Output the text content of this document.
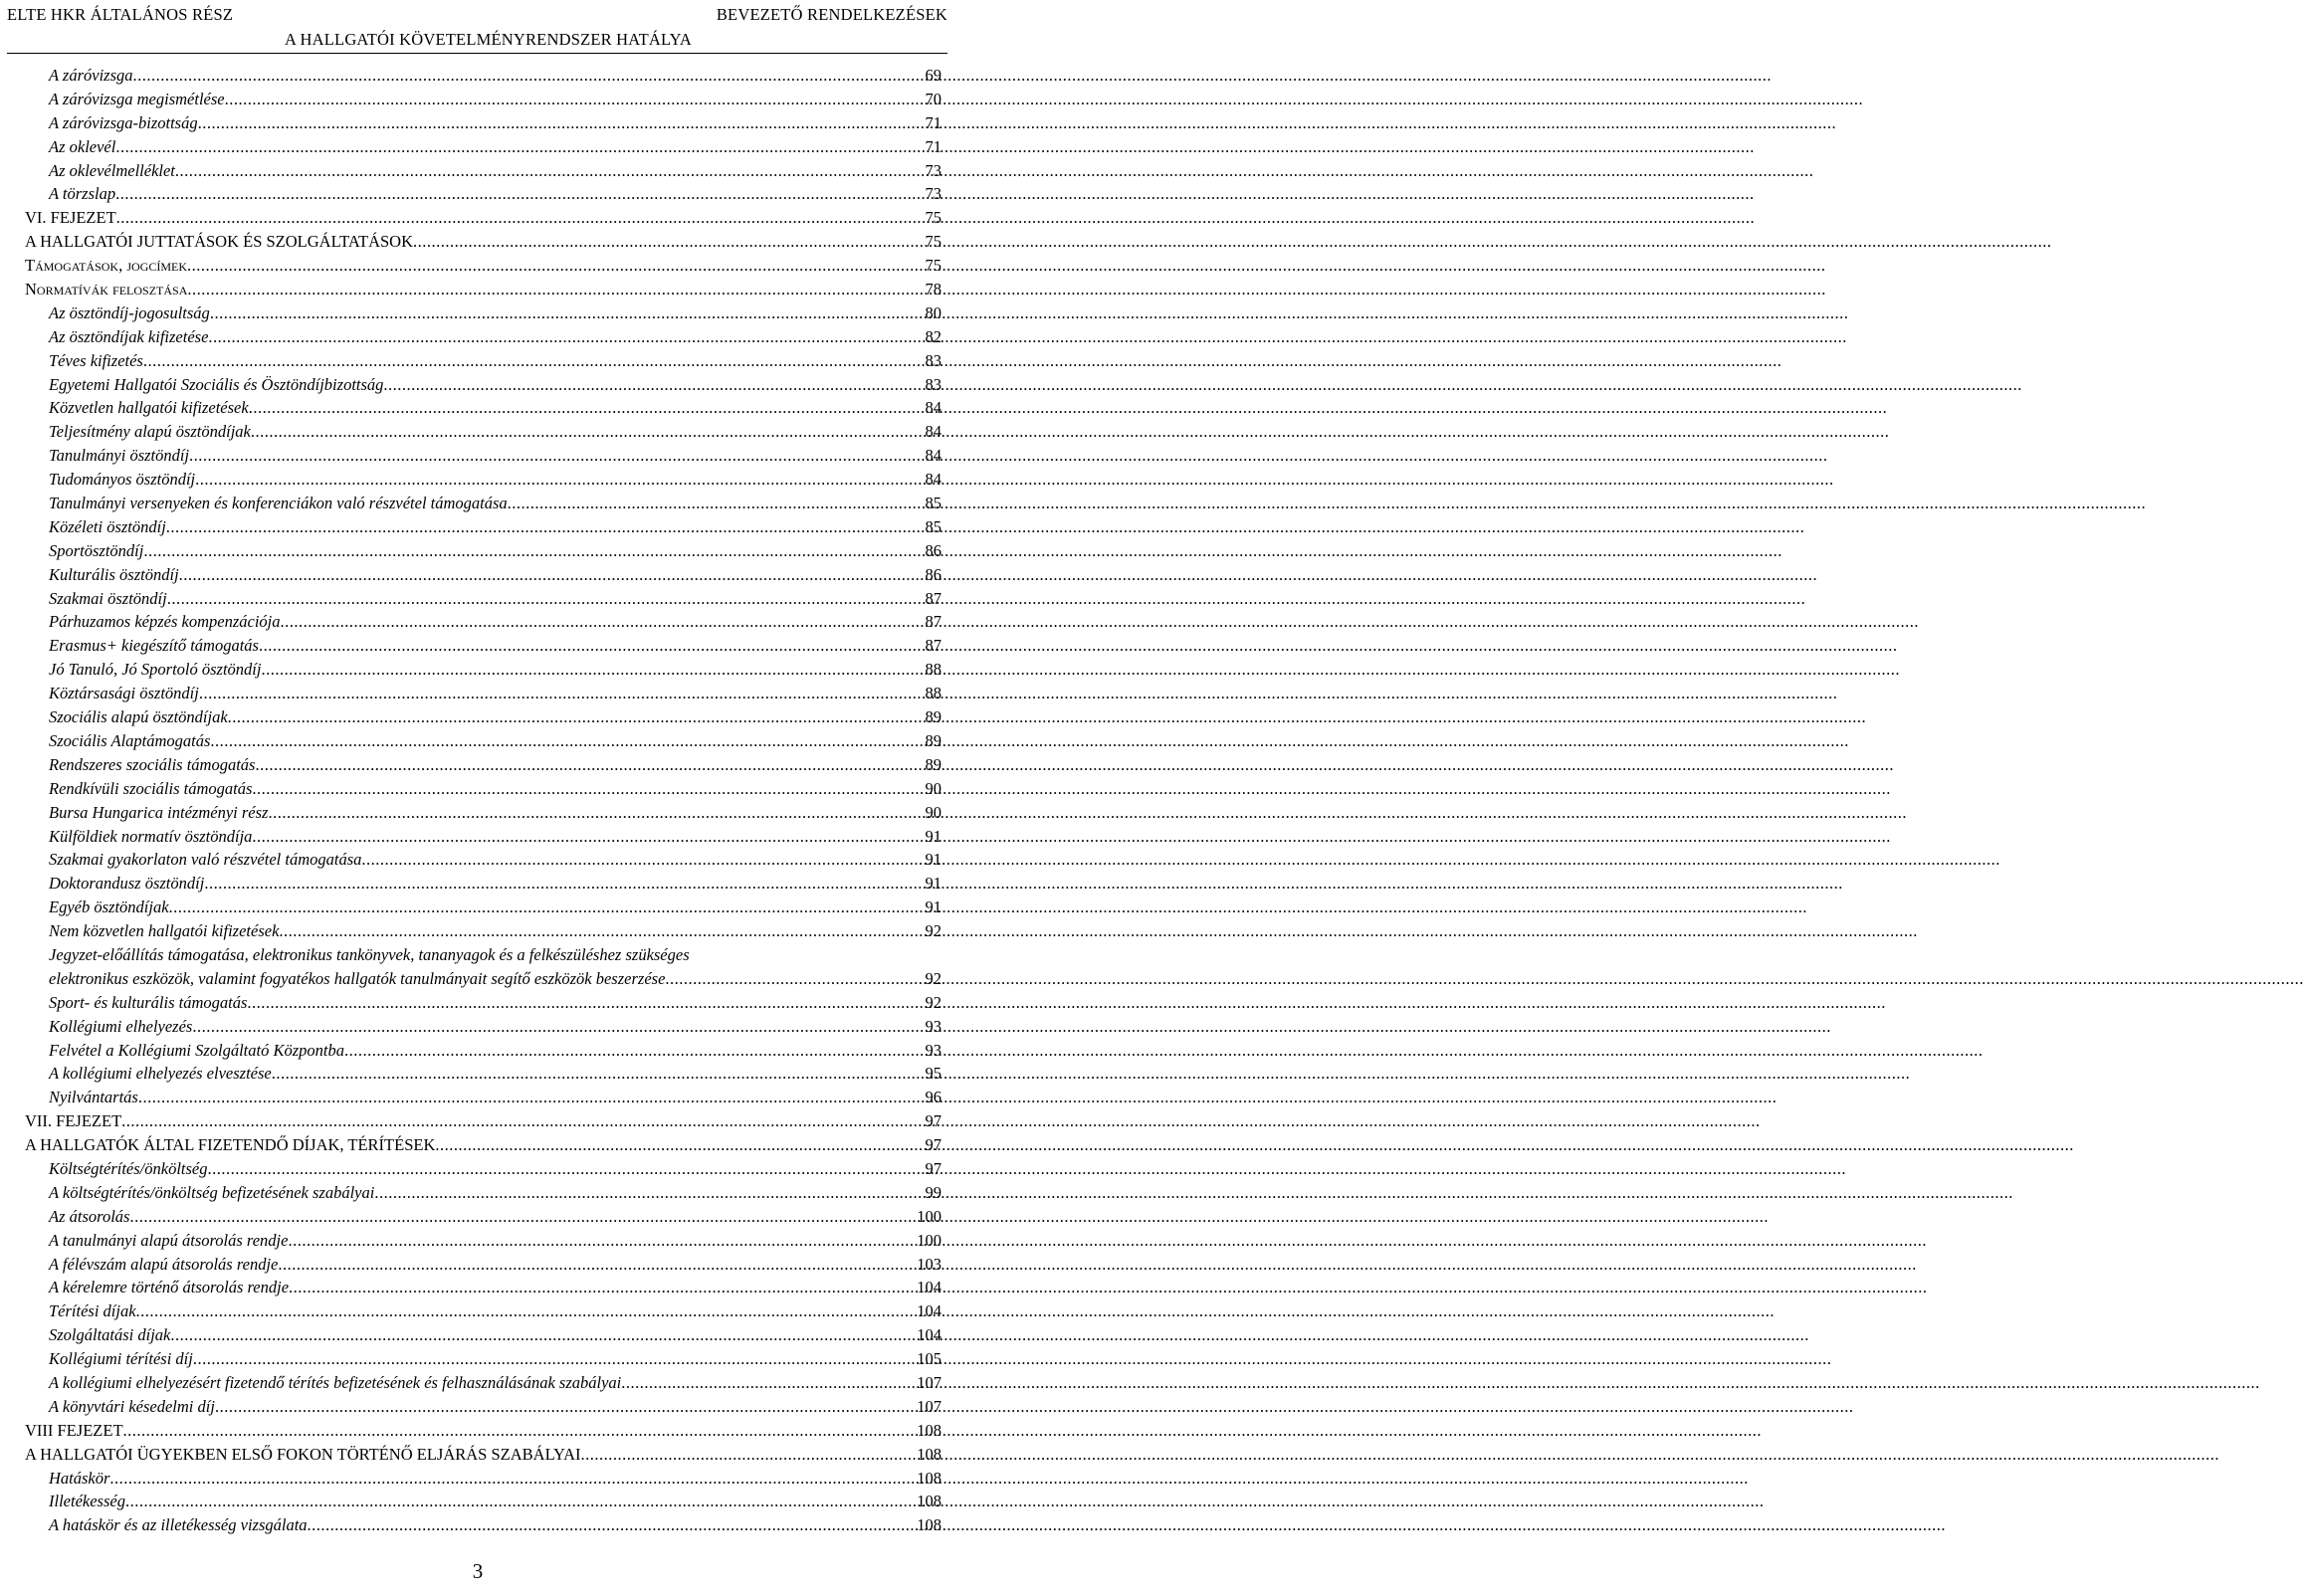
ELTE HKR ÁLTALÁNOS RÉSZ	BEVEZETŐ RENDELKEZÉSEK
A HALLGATÓI KÖVETELMÉNYRENDSZER HATÁLYA
A záróvizsga .....	69
A záróvizsga megismétlése .....	70
A záróvizsga-bizottság .....	71
Az oklevél .....	71
Az oklevélmelléklet .....	73
A törzslap .....	73
VI. FEJEZET .....	75
A HALLGATÓI JUTTATÁSOK ÉS SZOLGÁLTATÁSOK .....	75
Támogatások, jogcímek .....	75
Normatívák felosztása .....	78
Az ösztöndíj-jogosultság .....	80
Az ösztöndíjak kifizetése .....	82
Téves kifizetés .....	83
Egyetemi Hallgatói Szociális és Ösztöndíjbizottság .....	83
Közvetlen hallgatói kifizetések .....	84
Teljesítmény alapú ösztöndíjak .....	84
Tanulmányi ösztöndíj .....	84
Tudományos ösztöndíj .....	84
Tanulmányi versenyeken és konferenciákon való részvétel támogatása .....	85
Közéleti ösztöndíj .....	85
Sportösztöndíj .....	86
Kulturális ösztöndíj .....	86
Szakmai ösztöndíj .....	87
Párhuzamos képzés kompenzációja .....	87
Erasmus+ kiegészítő támogatás .....	87
Jó Tanuló, Jó Sportoló ösztöndíj .....	88
Köztársasági ösztöndíj .....	88
Szociális alapú ösztöndíjak .....	89
Szociális Alaptámogatás .....	89
Rendszeres szociális támogatás .....	89
Rendkívüli szociális támogatás .....	90
Bursa Hungarica intézményi rész .....	90
Külföldiek normatív ösztöndíja .....	91
Szakmai gyakorlaton való részvétel támogatása .....	91
Doktorandusz ösztöndíj .....	91
Egyéb ösztöndíjak .....	91
Nem közvetlen hallgatói kifizetések .....	92
Jegyzet-előállítás támogatása, elektronikus tankönyvek, tananyagok és a felkészüléshez szükséges
elektronikus eszközök, valamint fogyatékos hallgatók tanulmányait segítő eszközök beszerzése .....	92
Sport- és kulturális támogatás .....	92
Kollégiumi elhelyezés .....	93
Felvétel a Kollégiumi Szolgáltató Központba .....	93
A kollégiumi elhelyezés elvesztése .....	95
Nyilvántartás .....	96
VII. FEJEZET .....	97
A HALLGATÓK ÁLTAL FIZETENDŐ DÍJAK, TÉRÍTÉSEK .....	97
Költségtérítés/önköltség .....	97
A költségtérítés/önköltség befizetésének szabályai .....	99
Az átsorolás .....	100
A tanulmányi alapú átsorolás rendje .....	100
A félévszám alapú átsorolás rendje .....	103
A kérelemre történő átsorolás rendje .....	104
Térítési díjak .....	104
Szolgáltatási díjak .....	104
Kollégiumi térítési díj .....	105
A kollégiumi elhelyezésért fizetendő térítés befizetésének és felhasználásának szabályai .....	107
A könyvtári késedelmi díj .....	107
VIII FEJEZET .....	108
A HALLGATÓI ÜGYEKBEN ELSŐ FOKON TÖRTÉNŐ ELJÁRÁS SZABÁLYAI .....	108
Hatáskör .....	108
Illetékesség .....	108
A hatáskör és az illetékesség vizsgálata .....	108
3
